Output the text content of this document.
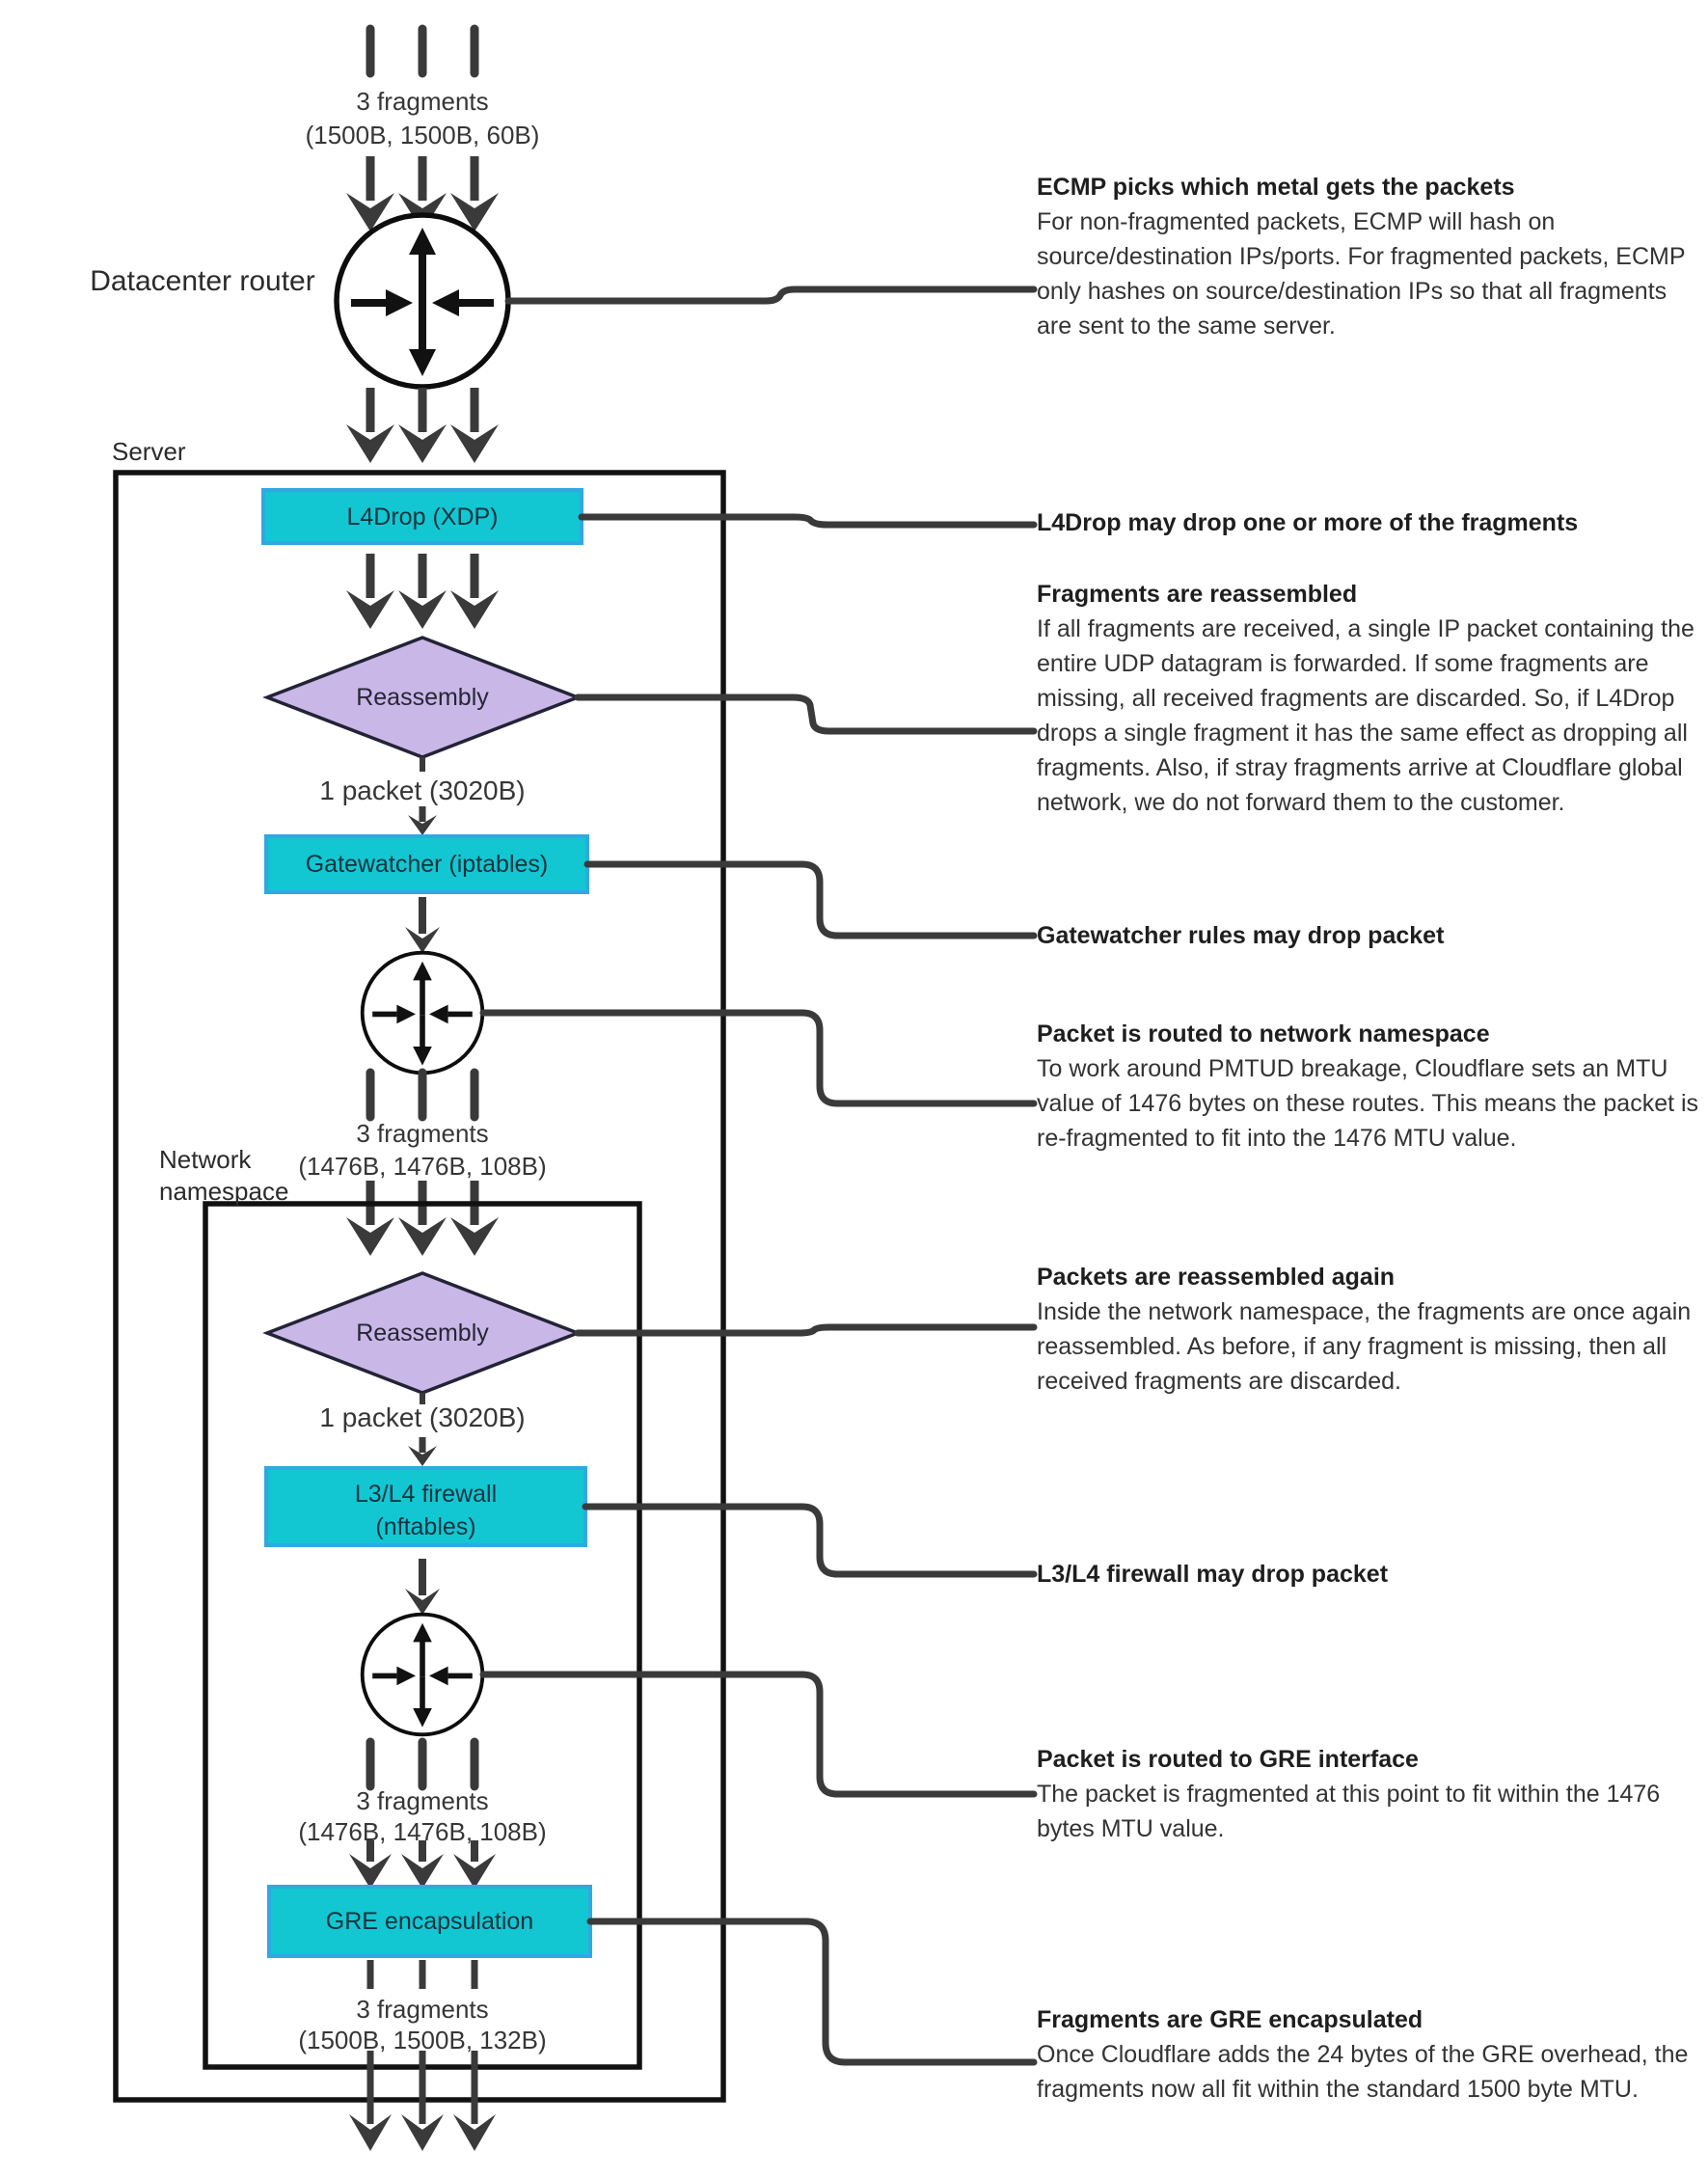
3 fragments
(1500B, 1500B, 60B)
Datacenter router
Server
L4Drop (XDP)
Reassembly
1 packet (3020B)
Gatewatcher (iptables)
3 fragments
(1476B, 1476B, 108B)
Network
namespace
Reassembly
1 packet (3020B)
L3/L4 firewall
(nftables)
3 fragments
(1476B, 1476B, 108B)
GRE encapsulation
3 fragments
(1500B, 1500B, 132B)
ECMP picks which metal gets the packets
For non-fragmented packets, ECMP will hash on source/destination IPs/ports. For fragmented packets, ECMP only hashes on source/destination IPs so that all fragments are sent to the same server.
L4Drop may drop one or more of the fragments
Fragments are reassembled
If all fragments are received, a single IP packet containing the entire UDP datagram is forwarded. If some fragments are missing, all received fragments are discarded. So, if L4Drop drops a single fragment it has the same effect as dropping all fragments. Also, if stray fragments arrive at Cloudflare global network, we do not forward them to the customer.
Gatewatcher rules may drop packet
Packet is routed to network namespace
To work around PMTUD breakage, Cloudflare sets an MTU value of 1476 bytes on these routes. This means the packet is re-fragmented to fit into the 1476 MTU value.
Packets are reassembled again
Inside the network namespace, the fragments are once again reassembled. As before, if any fragment is missing, then all received fragments are discarded.
L3/L4 firewall may drop packet
Packet is routed to GRE interface
The packet is fragmented at this point to fit within the 1476 bytes MTU value.
Fragments are GRE encapsulated
Once Cloudflare adds the 24 bytes of the GRE overhead, the fragments now all fit within the standard 1500 byte MTU.
